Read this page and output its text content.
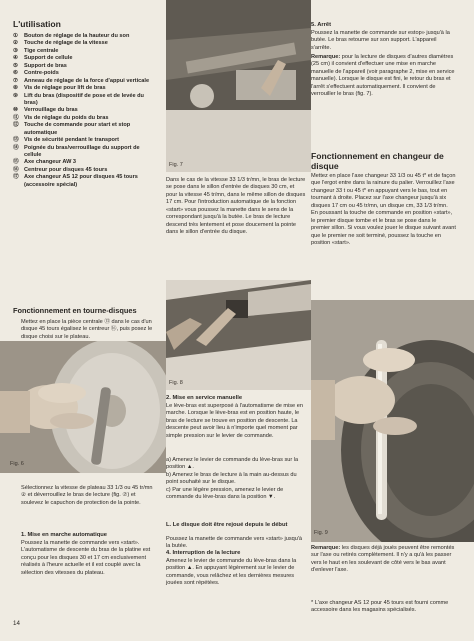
L'utilisation
①	Bouton de réglage de la hauteur du son
②	Touche de réglage de la vitesse
③	Tige centrale
④	Support de cellule
⑤	Support de bras
⑥	Contre-poids
⑦	Anneau de réglage de la force d'appui verticale
⑧	Vis de réglage pour lift de bras
⑨	Lift du bras (dispositif de pose et de levée du bras)
⑩	Verrouillage du bras
⑪ Vis de réglage du poids du bras
⑫ Touche de commande pour start et stop automatique
⑬ Vis de sécurité pendant le transport
⑭ Poignée du bras/verrouillage du support de cellule
⑮ Axe changeur AW 3
⑯ Centreur pour disques 45 tours
⑰ Axe changeur AS 12 pour disques 45 tours (accessoire spécial)
Fonctionnement en tourne-disques

Mettez en place la pièce centrale ⑬ dans le cas d'un disque 45 tours égalisez le centreur ⑯, puis posez le disque choisi sur le plateau.

Fig. 6

Sélectionnez la vitesse de plateau 33 1/3 ou 45 tr/mn ② et déverrouillez le bras de lecture (fig. ⑦) et soulevez le capuchon de protection de la pointe.

1. Mise en marche automatique

Poussez la manette de commande vers «start». L'automatisme de descente du bras de la platine est conçu pour les disques 30 et 17 cm exclusivement réalisés à l'heure actuelle et il est couplé avec la sélection des vitesses du plateau.

Fig. 7

Dans le cas de la vitesse 33 1/3 tr/mn, le bras de lecture se pose dans le sillon d'entrée de disques 30 cm, et pour la vitesse 45 tr/mn, dans le même sillon de disques 17 cm. Pour l'introduction automatique de la fonction «start» vous poussez la manette dans le sens de la correspondant jusqu'à la butée. Le bras de lecture descend très lentement et pose doucement la pointe dans le sillon d'entrée du disque.

Fig. 8

2. Mise en service manuelle

Le lève-bras est superposé à l'automatisme de mise en marche. Lorsque le lève-bras est en position haute, le bras de lecture se trouve en position de descente. La descente peut avoir lieu à n'importe quel moment par simple pression sur le levier de commande.

a) Amenez le levier de commande du lève-bras sur la position ▲.
b) Amenez le bras de lecture à la main au-dessus du point souhaité sur le disque.
c) Par une légère pression, amenez le levier de commande du lève-bras dans la position ▼.

L. Le disque doit être rejoué depuis le début

Poussez la manette de commande vers «start» jusqu'à la butée.

4. Interruption de la lecture

Amenez le levier de commande du lève-bras dans la position ▲. En appuyant légèrement sur le levier de commande, vous relâchez et les dernières mesures jouées sont répétées.

5. Arrêt

Poussez la manette de commande sur estop» jusqu'à la butée. Le bras retourne sur son support. L'appareil s'arrête.

Remarque: pour la lecture de disques d'autres diamètres (25 cm) il convient d'effectuer une mise en marche manuelle de l'appareil (voir paragraphe 2, mise en service manuelle). Lorsque le disque est fini, le retour du bras et l'arrêt s'effectuent automatiquement. Il convient de verrouiller le bras (fig. 7).

Fonctionnement en changeur de disque

Mettez en place l'axe changeur 33 1/3 ou 45 t* et de façon que l'ergot entre dans la rainure du palier. Verrouillez l'axe changeur 33 t ou 45 t* en appuyant vers le bas, tout en tournant à droite. Placez sur l'axe changeur jusqu'à six disques 17 cm ou 45 tr/mn, un disque cm, 33 1/3 tr/mn. En poussant la touche de commande en position «start», le premier disque tombe et le bras se pose dans le premier sillon. Si vous voulez jouer le disque suivant avant que le premier ne soit terminé, poussez la touche en position «start».

Fig. 9

Remarque: les disques déjà joués peuvent être remontés sur l'axe ou retirés complètement. Il n'y a qu'à les passer vers le haut en les soulevant de côté vers le bas avant d'enlever l'axe.

* L'axe changeur AS 12 pour 45 tours est fourni comme accessoire dans les magasins spécialisés.

14
